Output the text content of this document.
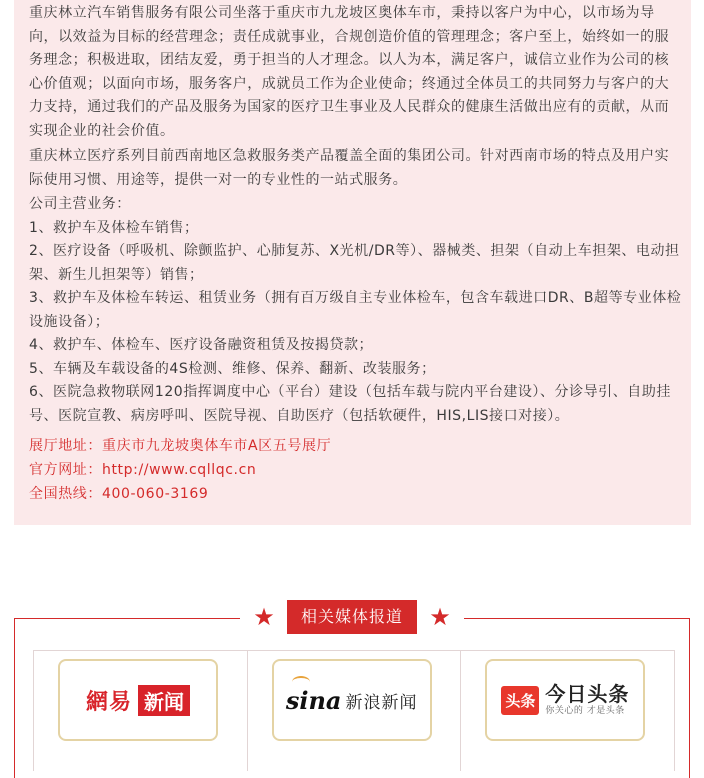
重庆林立汽车销售服务有限公司坐落于重庆市九龙坡区奥体车市，秉持以客户为中心，以市场为导向，以效益为目标的经营理念；责任成就事业，合规创造价值的管理理念；客户至上，始终如一的服务理念；积极进取，团结友爱，勇于担当的人才理念。以人为本，满足客户，诚信立业作为公司的核心价值观；以面向市场，服务客户，成就员工作为企业使命；终通过全体员工的共同努力与客户的大力支持，通过我们的产品及服务为国家的医疗卫生事业及人民群众的健康生活做出应有的贡献，从而实现企业的社会价值。

重庆林立医疗系列目前西南地区急救服务类产品覆盖全面的集团公司。针对西南市场的特点及用户实际使用习惯、用途等，提供一对一的专业性的一站式服务。

公司主营业务：
1、救护车及体检车销售；
2、医疗设备（呼吸机、除颤监护、心肺复苏、X光机/DR等）、器械类、担架（自动上车担架、电动担架、新生儿担架等）销售；
3、救护车及体检车转运、租赁业务（拥有百万级自主专业体检车，包含车载进口DR、B超等专业体检设施设备）；
4、救护车、体检车、医疗设备融资租赁及按揭贷款；
5、车辆及车载设备的4S检测、维修、保养、翻新、改装服务；
6、医院急救物联网120指挥调度中心（平台）建设（包括车载与院内平台建设）、分诊导引、自助挂号、医院宣教、病房呼叫、医院导视、自助医疗（包括软硬件，HIS,LIS接口对接）。
展厅地址：重庆市九龙坡奥体车市A区五号展厅
官方网址：http://www.cqllqc.cn
全国热线：400-060-3169
★	相关媒体报道	★
網易 新闻	sina 新浪新闻	头条 今日头条
你关心的 才是头条
